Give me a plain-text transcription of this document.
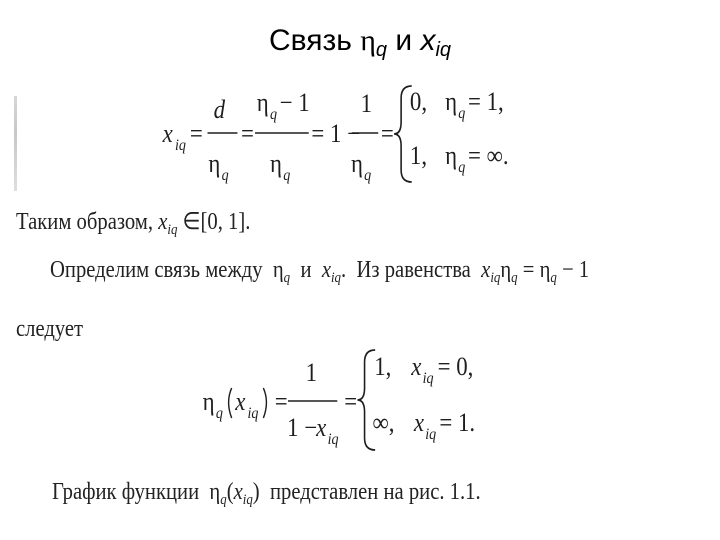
Связь $\eta_q$ и $x_{iq}$
x iq =
d
η q
=
η q − 1
η q
= 1 −
1
η q
=
0, η q = 1,
1, η q = ∞.
Таким образом, $x_{iq}$ ∈[0, 1].
Определим связь между $\eta_q$ и $x_{iq}$. Из равенства $x_{iq}\eta_q = \eta_q - 1$
следует
η q x iq =
1
1 −
x iq
=
1, x iq = 0,
∞, x iq = 1.
График функции $\eta_q(x_{iq})$  представлен на рис. 1.1.
